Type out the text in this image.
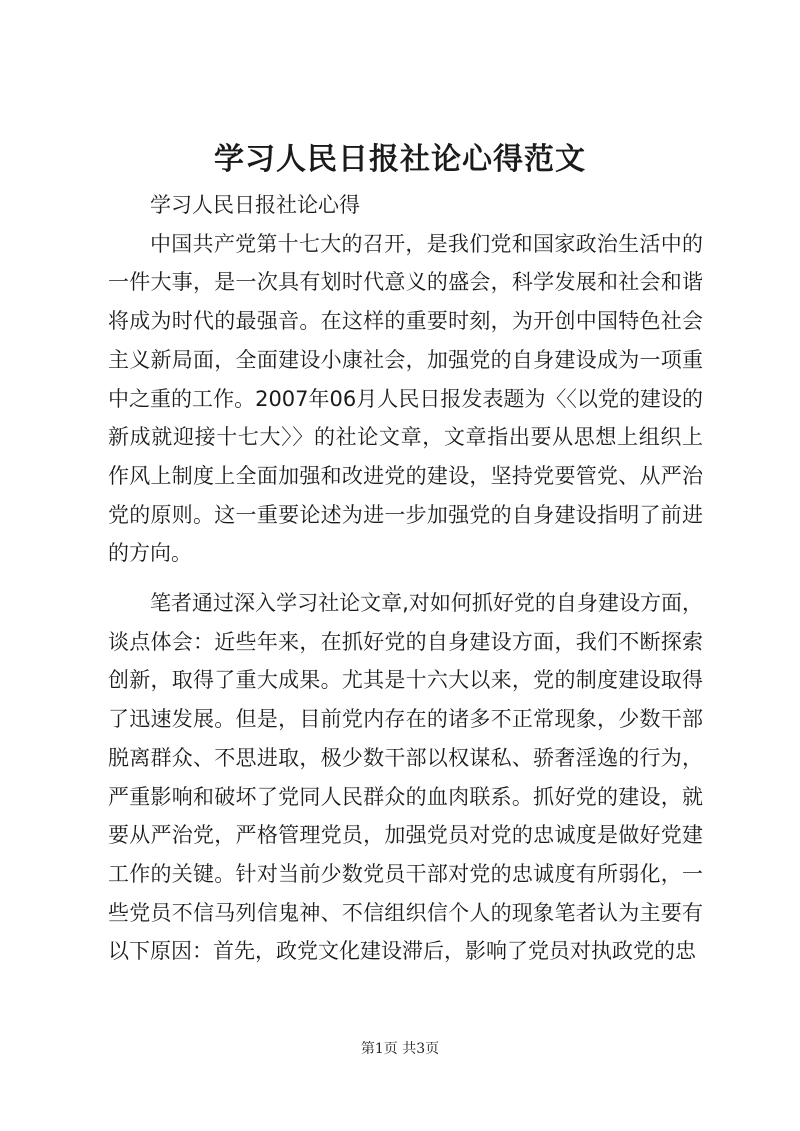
学习人民日报社论心得范文

学习人民日报社论心得

中国共产党第十七大的召开，是我们党和国家政治生活中的一件大事，是一次具有划时代意义的盛会，科学发展和社会和谐将成为时代的最强音。在这样的重要时刻，为开创中国特色社会主义新局面，全面建设小康社会，加强党的自身建设成为一项重中之重的工作。2007年06月人民日报发表题为〈〈以党的建设的新成就迎接十七大〉〉的社论文章，文章指出要从思想上组织上作风上制度上全面加强和改进党的建设，坚持党要管党、从严治党的原则。这一重要论述为进一步加强党的自身建设指明了前进的方向。

笔者通过深入学习社论文章,对如何抓好党的自身建设方面，谈点体会：近些年来，在抓好党的自身建设方面，我们不断探索创新，取得了重大成果。尤其是十六大以来，党的制度建设取得了迅速发展。但是，目前党内存在的诸多不正常现象，少数干部脱离群众、不思进取，极少数干部以权谋私、骄奢淫逸的行为，严重影响和破坏了党同人民群众的血肉联系。抓好党的建设，就要从严治党，严格管理党员，加强党员对党的忠诚度是做好党建工作的关键。针对当前少数党员干部对党的忠诚度有所弱化，一些党员不信马列信鬼神、不信组织信个人的现象笔者认为主要有以下原因：首先，政党文化建设滞后，影响了党员对执政党的忠

第1页 共3页
